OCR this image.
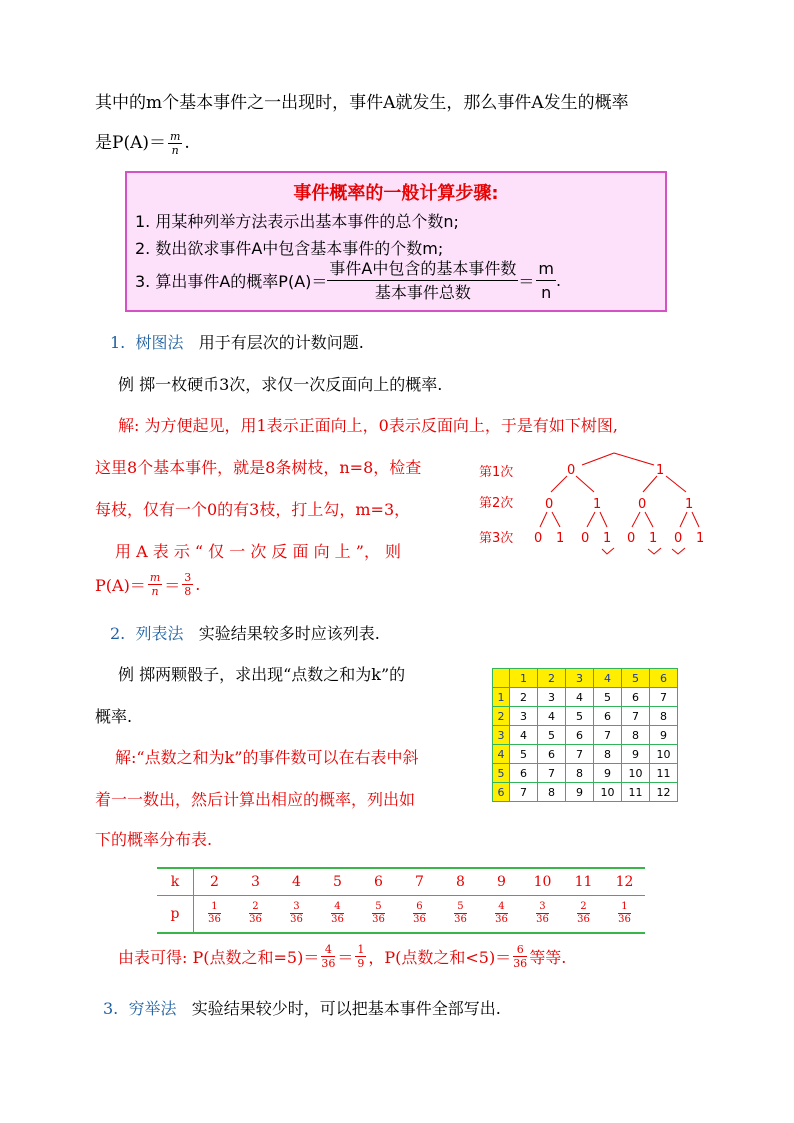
其中的m个基本事件之一出现时，事件A就发生，那么事件A发生的概率
是$P(A)= \frac{m}{n}$ .
事件概率的一般计算步骤:
1. 用某种列举方法表示出基本事件的总个数n;
2. 数出欲求事件A中包含基本事件的个数m;
3. 算出事件A的概率P(A)＝
事件A中包含的基本事件数
基本事件总数
＝ $\frac{m}{n}$ .
1. 树图法 用于有层次的计数问题.
例 掷一枚硬币3次，求仅一次反面向上的概率.
解: 为方便起见，用1表示正面向上，0表示反面向上，于是有如下树图,
这里8个基本事件，就是8条树枝，n=8，检查
每枝，仅有一个0的有3枝，打上勾，m=3，
用 A 表 示 “ 仅 一 次 反 面 向 上 ”， 则
$P(A)= \frac{m}{n} = \frac{3}{8}$ .
第1次
第2次
第3次
0	1
0	1	0	1
0 1 0 1 0 1 0 1
2. 列表法 实验结果较多时应该列表.
例 掷两颗骰子，求出现“点数之和为k”的
概率.
解:“点数之和为k”的事件数可以在右表中斜
着一一数出，然后计算出相应的概率，列出如
下的概率分布表.
	1	2	3	4	5	6
1	2	3	4	5	6	7
2	3	4	5	6	7	8
3	4	5	6	7	8	9
4	5	6	7	8	9	10
5	6	7	8	9	10	11
6	7	8	9	10	11	12
k	2	3	4	5	6	7	8	9	10	11	12
p	$\frac{1}{36}$	$\frac{2}{36}$	$\frac{3}{36}$	$\frac{4}{36}$	$\frac{5}{36}$	$\frac{6}{36}$	$\frac{5}{36}$	$\frac{4}{36}$	$\frac{3}{36}$	$\frac{2}{36}$	$\frac{1}{36}$
由表可得: P(点数之和$=5)= \frac{4}{36} = \frac{1}{9}$ ，P(点数之和$<5)= \frac{6}{36}$ 等等.
3. 穷举法 实验结果较少时，可以把基本事件全部写出.
